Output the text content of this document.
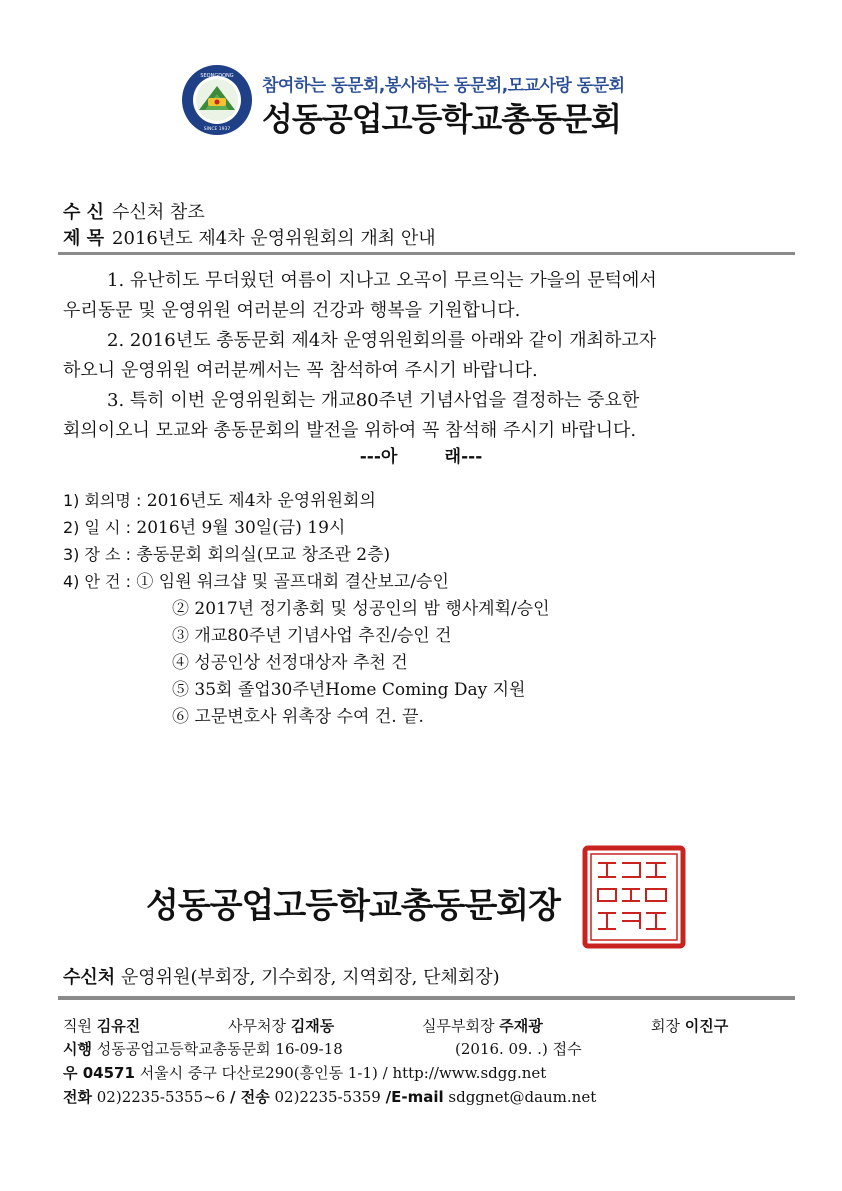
SEONGDONG
SINCE 1937
참여하는 동문회,봉사하는 동문회,모교사랑 동문회
성동공업고등학교총동문회
수 신 수신처 참조
제 목 2016년도 제4차 운영위원회의 개최 안내
1. 유난히도 무더웠던 여름이 지나고 오곡이 무르익는 가을의 문턱에서
우리동문 및 운영위원 여러분의 건강과 행복을 기원합니다.
2. 2016년도 총동문회 제4차 운영위원회의를 아래와 같이 개최하고자
하오니 운영위원 여러분께서는 꼭 참석하여 주시기 바랍니다.
3. 특히 이번 운영위원회는 개교80주년 기념사업을 결정하는 중요한
회의이오니 모교와 총동문회의 발전을 위하여 꼭 참석해 주시기 바랍니다.
---아        래---
1) 회의명 : 2016년도 제4차 운영위원회의
2) 일 시 : 2016년 9월 30일(금) 19시
3) 장 소 : 총동문회 회의실(모교 창조관 2층)
4) 안 건 : ① 임원 워크샵 및 골프대회 결산보고/승인
② 2017년 정기총회 및 성공인의 밤 행사계획/승인
③ 개교80주년 기념사업 추진/승인 건
④ 성공인상 선정대상자 추천 건
⑤ 35회 졸업30주년Home Coming Day 지원
⑥ 고문변호사 위촉장 수여 건. 끝.
성동공업고등학교총동문회장
수신처 운영위원(부회장, 기수회장, 지역회장, 단체회장)
직원 김유진	사무처장 김재동	실무부회장 주재광	회장 이진구
시행 성동공업고등학교총동문회 16-09-18	(2016. 09. .) 접수
우 04571 서울시 중구 다산로290(흥인동 1-1) / http://www.sdgg.net
전화 02)2235-5355~6 / 전송 02)2235-5359 /E-mail sdggnet@daum.net
